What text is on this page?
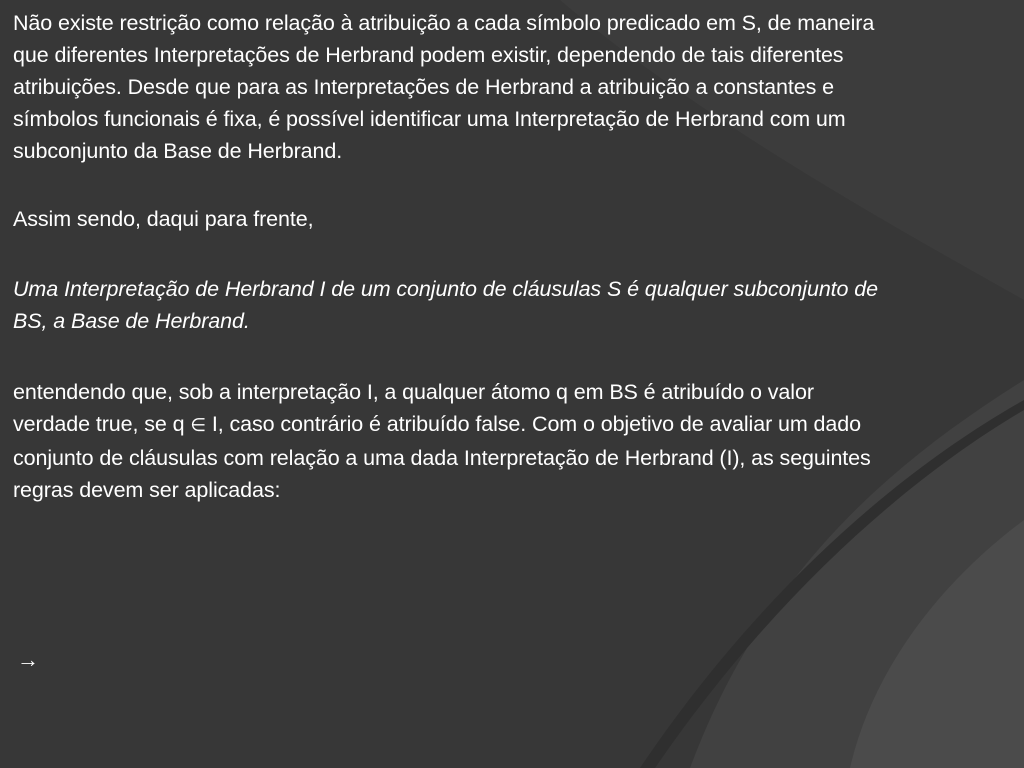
Não existe restrição como relação à atribuição a cada símbolo predicado em S, de maneira que diferentes Interpretações de Herbrand podem existir, dependendo de tais diferentes atribuições. Desde que para as Interpretações de Herbrand a atribuição a constantes e símbolos funcionais é fixa, é possível identificar uma Interpretação de Herbrand com um subconjunto da Base de Herbrand.

Assim sendo, daqui para frente,

Uma Interpretação de Herbrand I de um conjunto de cláusulas S é qualquer subconjunto de BS, a Base de Herbrand.

entendendo que, sob a interpretação I, a qualquer átomo q em BS é atribuído o valor verdade true, se q ∈ I, caso contrário é atribuído false. Com o objetivo de avaliar um dado conjunto de cláusulas com relação a uma dada Interpretação de Herbrand (I), as seguintes regras devem ser aplicadas:

→
